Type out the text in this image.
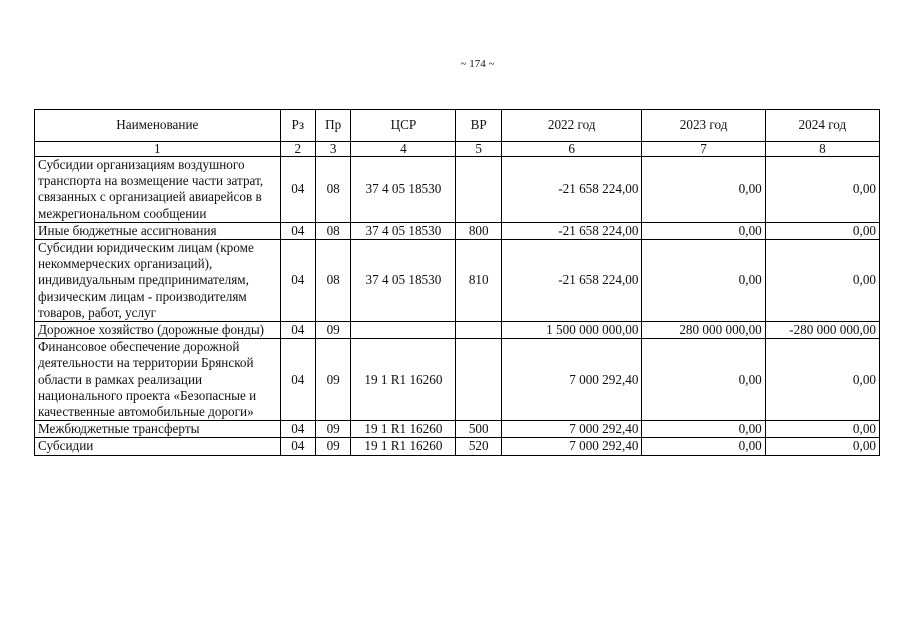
~ 174 ~
Наименование	Рз	Пр	ЦСР	ВР	2022 год	2023 год	2024 год
1	2	3	4	5	6	7	8
Субсидии организациям воздушного транспорта на возмещение части затрат, связанных с организацией авиарейсов в межрегиональном сообщении	04	08	37 4 05 18530		-21 658 224,00	0,00	0,00
Иные бюджетные ассигнования	04	08	37 4 05 18530	800	-21 658 224,00	0,00	0,00
Субсидии юридическим лицам (кроме некоммерческих организаций), индивидуальным предпринимателям, физическим лицам - производителям товаров, работ, услуг	04	08	37 4 05 18530	810	-21 658 224,00	0,00	0,00
Дорожное хозяйство (дорожные фонды)	04	09			1 500 000 000,00	280 000 000,00	-280 000 000,00
Финансовое обеспечение дорожной деятельности на территории Брянской области в рамках реализации национального проекта «Безопасные и качественные автомобильные дороги»	04	09	19 1 R1 16260		7 000 292,40	0,00	0,00
Межбюджетные трансферты	04	09	19 1 R1 16260	500	7 000 292,40	0,00	0,00
Субсидии	04	09	19 1 R1 16260	520	7 000 292,40	0,00	0,00
